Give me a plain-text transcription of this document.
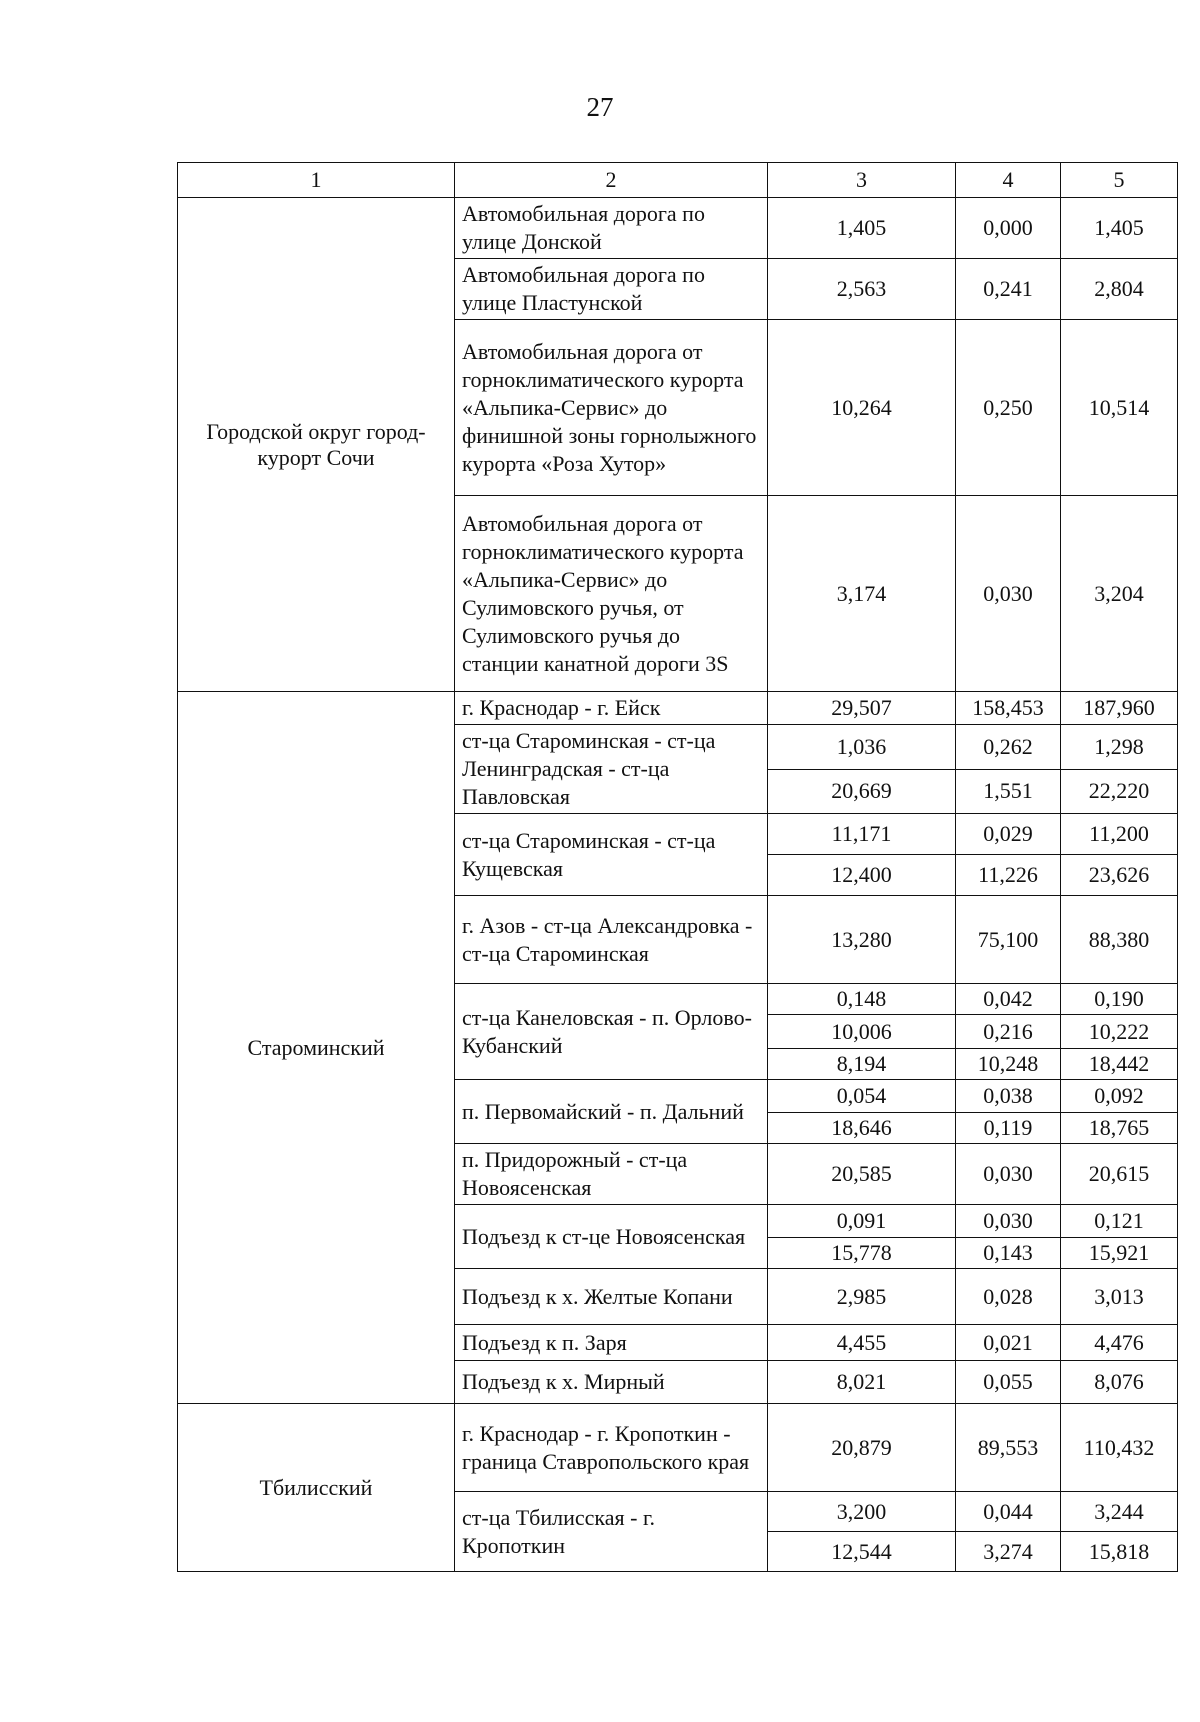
27
1	2	3	4	5
Городской округ город-курорт Сочи	Автомобильная дорога по улице Донской	1,405	0,000	1,405
	Автомобильная дорога по улице Пластунской	2,563	0,241	2,804
	Автомобильная дорога от горноклиматического курорта «Альпика-Сервис» до финишной зоны горнолыжного курорта «Роза Хутор»	10,264	0,250	10,514
	Автомобильная дорога от горноклиматического курорта «Альпика-Сервис» до Сулимовского ручья, от Сулимовского ручья до станции канатной дороги 3S	3,174	0,030	3,204
Староминский	г. Краснодар - г. Ейск	29,507	158,453	187,960
	ст-ца Староминская - ст-ца Ленинградская - ст-ца Павловская	1,036	0,262	1,298
		20,669	1,551	22,220
	ст-ца Староминская - ст-ца Кущевская	11,171	0,029	11,200
		12,400	11,226	23,626
	г. Азов - ст-ца Александровка - ст-ца Староминская	13,280	75,100	88,380
	ст-ца Канеловская - п. Орлово-Кубанский	0,148	0,042	0,190
		10,006	0,216	10,222
		8,194	10,248	18,442
	п. Первомайский - п. Дальний	0,054	0,038	0,092
		18,646	0,119	18,765
	п. Придорожный - ст-ца Новоясенская	20,585	0,030	20,615
	Подъезд к ст-це Новоясенская	0,091	0,030	0,121
		15,778	0,143	15,921
	Подъезд к х. Желтые Копани	2,985	0,028	3,013
	Подъезд к п. Заря	4,455	0,021	4,476
	Подъезд к х. Мирный	8,021	0,055	8,076
Тбилисский	г. Краснодар - г. Кропоткин - граница Ставропольского края	20,879	89,553	110,432
	ст-ца Тбилисская - г. Кропоткин	3,200	0,044	3,244
		12,544	3,274	15,818
